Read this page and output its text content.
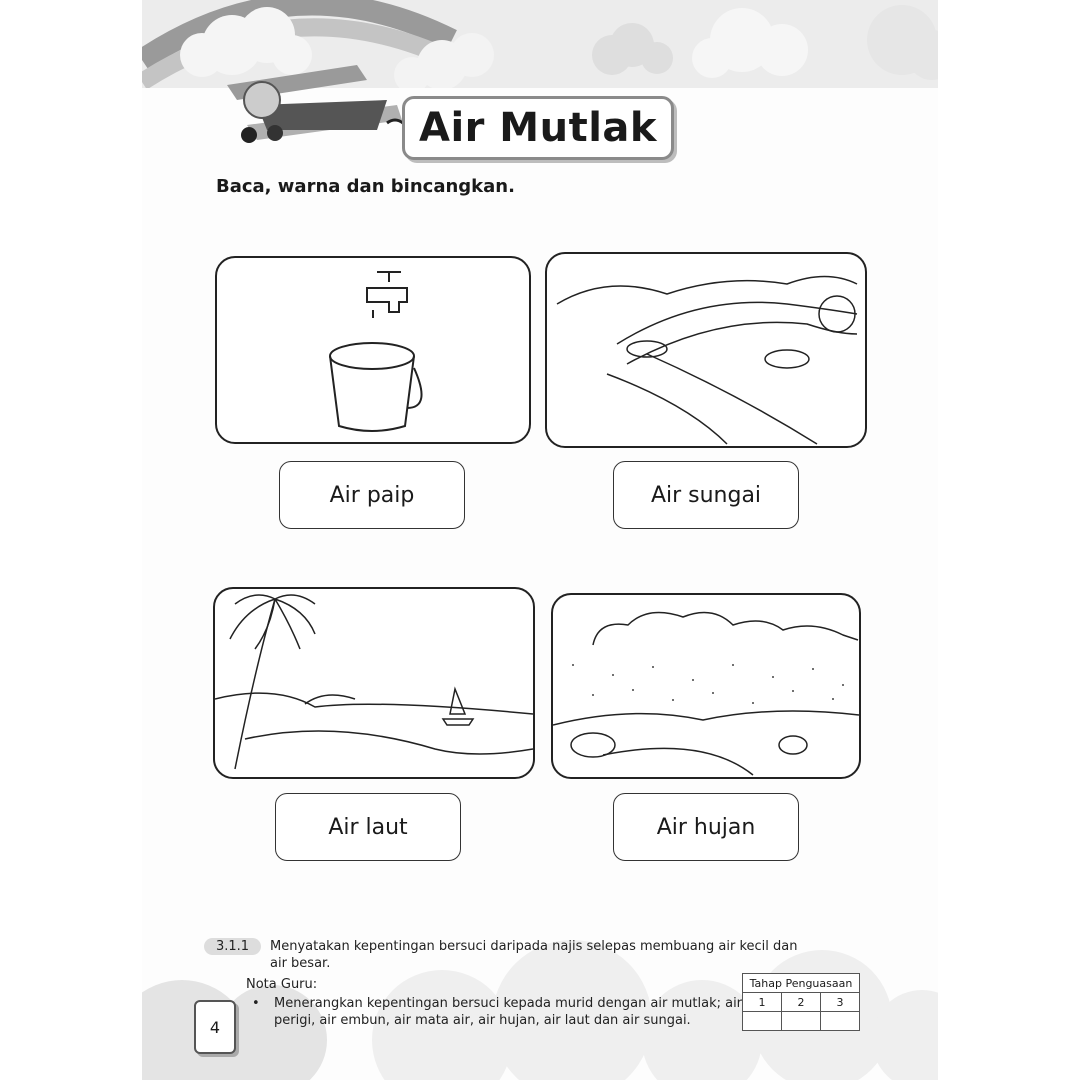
Air Mutlak
Baca, warna dan bincangkan.
Air paip	Air sungai
Air laut	Air hujan
3.1.1	Menyatakan kepentingan bersuci daripada najis selepas membuang air kecil dan air besar.
Nota Guru:
• Menerangkan kepentingan bersuci kepada murid dengan air mutlak; air perigi, air embun, air mata air, air hujan, air laut dan air sungai.
4
Tahap Penguasaan		
1	2	3
